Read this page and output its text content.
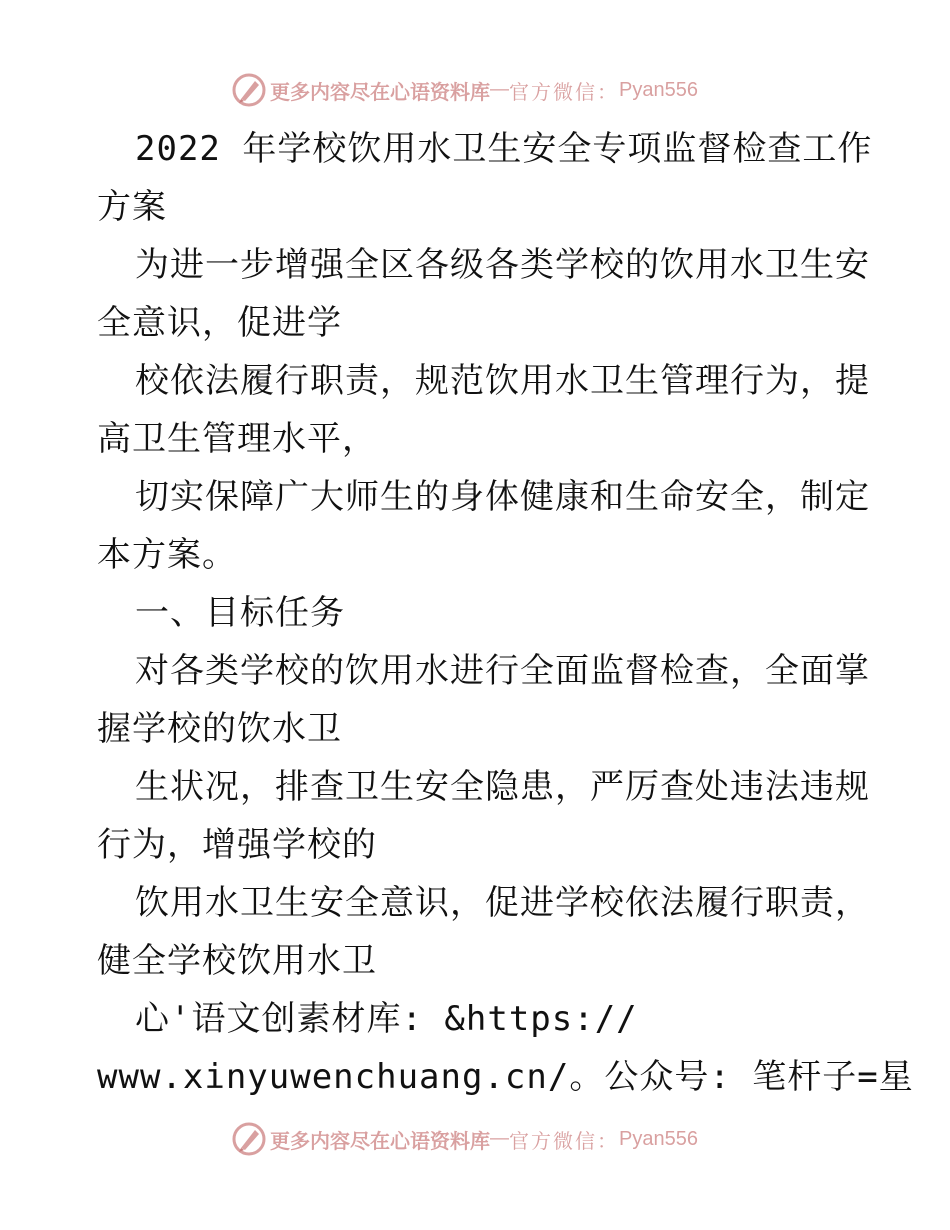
更多内容尽在心语资料库 — 官方微信： Pyan556
2022 年学校饮用水卫生安全专项监督检查工作
方案
为进一步增强全区各级各类学校的饮用水卫生安
全意识，促进学
校依法履行职责，规范饮用水卫生管理行为，提
高卫生管理水平，
切实保障广大师生的身体健康和生命安全，制定
本方案。
一、目标任务
对各类学校的饮用水进行全面监督检查，全面掌
握学校的饮水卫
生状况，排查卫生安全隐患，严厉查处违法违规
行为，增强学校的
饮用水卫生安全意识，促进学校依法履行职责，
健全学校饮用水卫
心'语文创素材库: &https://
www.xinyuwenchuang.cn/。公众号: 笔杆子=星
更多内容尽在心语资料库 — 官方微信： Pyan556
